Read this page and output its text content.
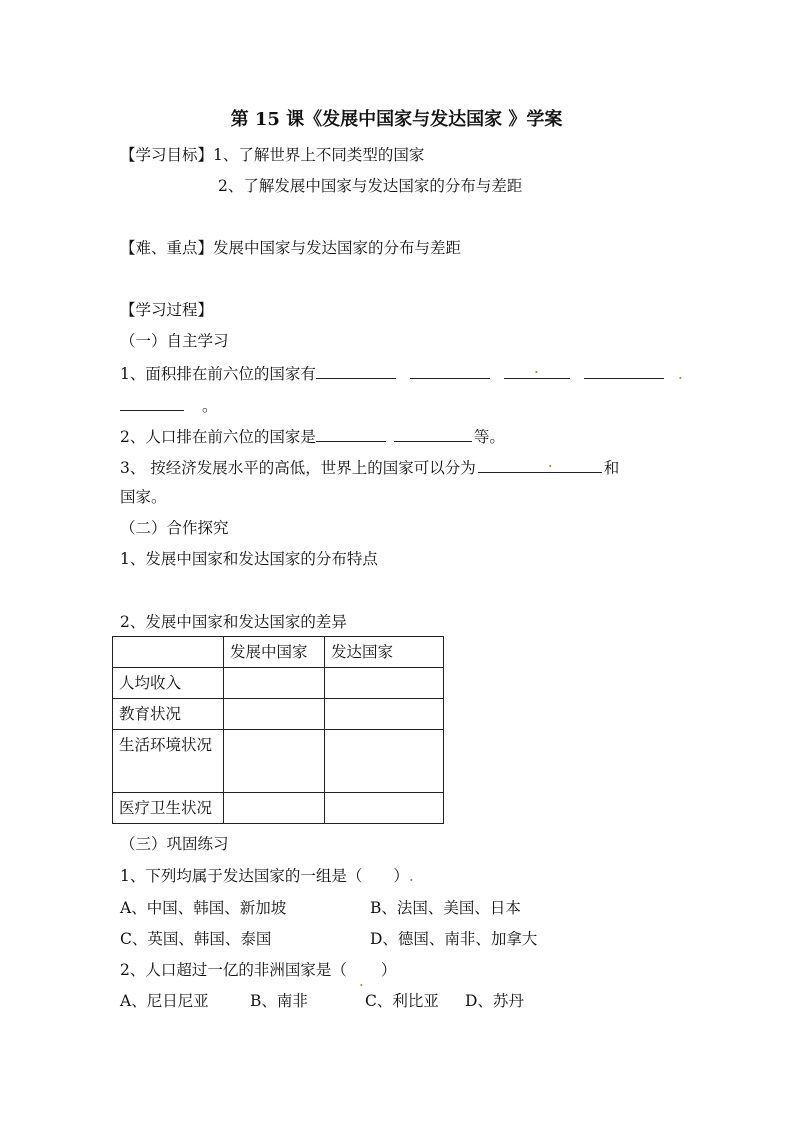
第 15 课《发展中国家与发达国家 》学案
【学习目标】1、了解世界上不同类型的国家
2、了解发展中国家与发达国家的分布与差距
【难、重点】发展中国家与发达国家的分布与差距
【学习过程】
（一）自主学习
1、面积排在前六位的国家有	.	.
。
2、人口排在前六位的国家是	等。
3、 按经济发展水平的高低，世界上的国家可以分为	.	和
国家。
（二）合作探究
1、发展中国家和发达国家的分布特点
2、发展中国家和发达国家的差异
	发展中国家	发达国家
人均收入		
教育状况		
生活环境状况		
医疗卫生状况		
（三）巩固练习
1、下列均属于发达国家的一组是（　　）.
A、中国、韩国、新加坡	B、法国、美国、日本
C、英国、韩国、泰国	D、德国、南非、加拿大
2、人口超过一亿的非洲国家是（
.
）
A、尼日尼亚	B、南非	C、利比亚 D、苏丹
